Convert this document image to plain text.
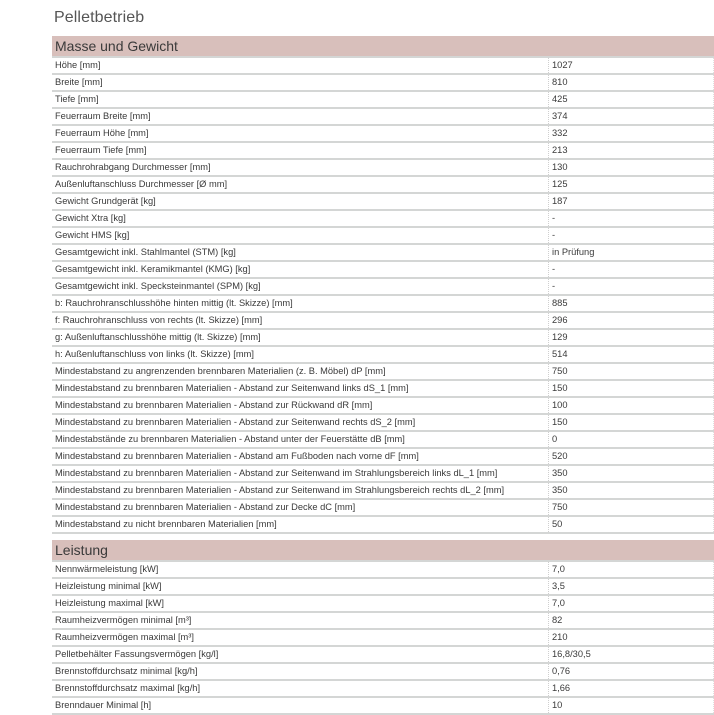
Pelletbetrieb
Masse und Gewicht
Höhe [mm]	1027
Breite [mm]	810
Tiefe [mm]	425
Feuerraum Breite [mm]	374
Feuerraum Höhe [mm]	332
Feuerraum Tiefe [mm]	213
Rauchrohrabgang Durchmesser [mm]	130
Außenluftanschluss Durchmesser [Ø mm]	125
Gewicht Grundgerät [kg]	187
Gewicht Xtra [kg]	-
Gewicht HMS [kg]	-
Gesamtgewicht inkl. Stahlmantel (STM) [kg]	in Prüfung
Gesamtgewicht inkl. Keramikmantel (KMG) [kg]	-
Gesamtgewicht inkl. Specksteinmantel (SPM) [kg]	-
b: Rauchrohranschlusshöhe hinten mittig (lt. Skizze) [mm]	885
f: Rauchrohranschluss von rechts (lt. Skizze) [mm]	296
g: Außenluftanschlusshöhe mittig (lt. Skizze) [mm]	129
h: Außenluftanschluss von links (lt. Skizze) [mm]	514
Mindestabstand zu angrenzenden brennbaren Materialien (z. B. Möbel) dP [mm]	750
Mindestabstand zu brennbaren Materialien - Abstand zur Seitenwand links dS_1 [mm]	150
Mindestabstand zu brennbaren Materialien - Abstand zur Rückwand dR [mm]	100
Mindestabstand zu brennbaren Materialien - Abstand zur Seitenwand rechts dS_2 [mm]	150
Mindestabstände zu brennbaren Materialien - Abstand unter der Feuerstätte dB [mm]	0
Mindestabstand zu brennbaren Materialien - Abstand am Fußboden nach vorne dF [mm]	520
Mindestabstand zu brennbaren Materialien - Abstand zur Seitenwand im Strahlungsbereich links dL_1 [mm]	350
Mindestabstand zu brennbaren Materialien - Abstand zur Seitenwand im Strahlungsbereich rechts dL_2 [mm]	350
Mindestabstand zu brennbaren Materialien - Abstand zur Decke dC [mm]	750
Mindestabstand zu nicht brennbaren Materialien [mm]	50
Leistung
Nennwärmeleistung [kW]	7,0
Heizleistung minimal [kW]	3,5
Heizleistung maximal [kW]	7,0
Raumheizvermögen minimal [m³]	82
Raumheizvermögen maximal [m³]	210
Pelletbehälter Fassungsvermögen [kg/l]	16,8/30,5
Brennstoffdurchsatz minimal [kg/h]	0,76
Brennstoffdurchsatz maximal [kg/h]	1,66
Brenndauer Minimal [h]	10
